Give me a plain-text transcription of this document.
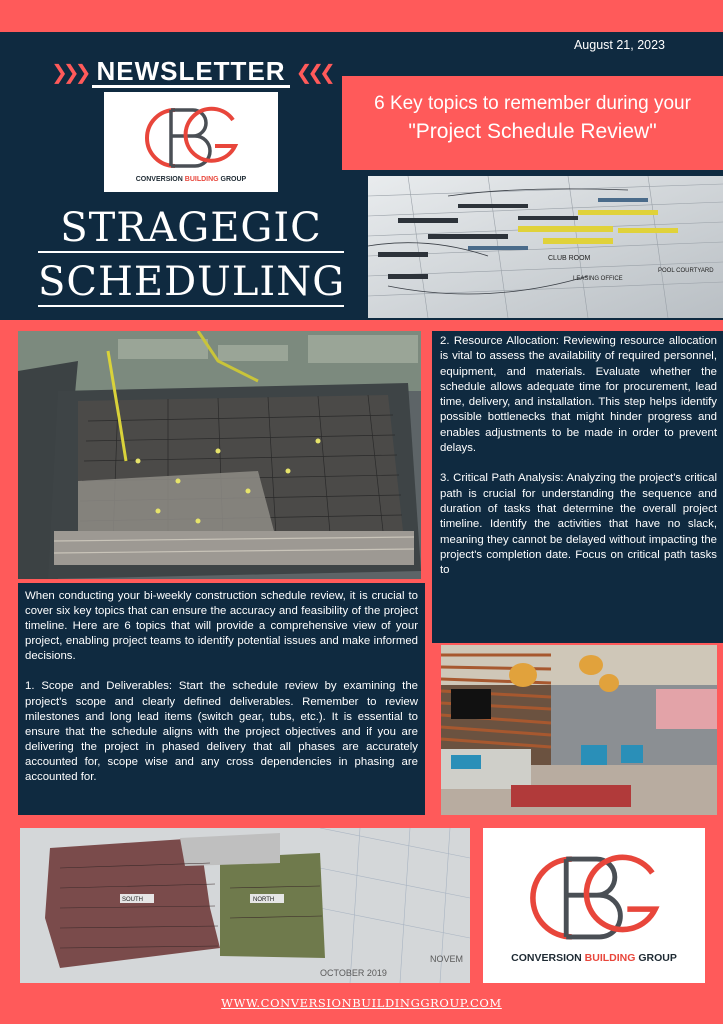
August 21, 2023
❯❯❯ NEWSLETTER ❮❮❮
CONVERSION BUILDING GROUP
STRAGEGIC
SCHEDULING
6 Key topics to remember during your
"Project Schedule Review"
CLUB ROOM
LEASING OFFICE
POOL COURTYARD

2. Resource Allocation: Reviewing resource allocation is vital to assess the availability of required personnel, equipment, and materials. Evaluate whether the schedule allows adequate time for procurement, lead time, delivery, and installation. This step helps identify possible bottlenecks that might hinder progress and enables adjustments to be made in order to prevent delays.

3. Critical Path Analysis: Analyzing the project's critical path is crucial for understanding the sequence and duration of tasks that determine the overall project timeline. Identify the activities that have no slack, meaning they cannot be delayed without impacting the project's completion date. Focus on critical path tasks to

When conducting your bi-weekly construction schedule review, it is crucial to cover six key topics that can ensure the accuracy and feasibility of the project timeline. Here are 6 topics that will provide a comprehensive view of your project, enabling project teams to identify potential issues and make informed decisions.

1. Scope and Deliverables: Start the schedule review by examining the project's scope and clearly defined deliverables. Remember to review milestones and long lead items (switch gear, tubs, etc.). It is essential to ensure that the schedule aligns with the project objectives and if you are delivering the project in phased delivery that all phases are accurately accounted for, scope wise and any cross dependencies in phasing are accounted for.

SOUTH	NORTH
OCTOBER 2019
NOVEM	CONVERSION BUILDING GROUP
WWW.CONVERSIONBUILDINGGROUP.COM
